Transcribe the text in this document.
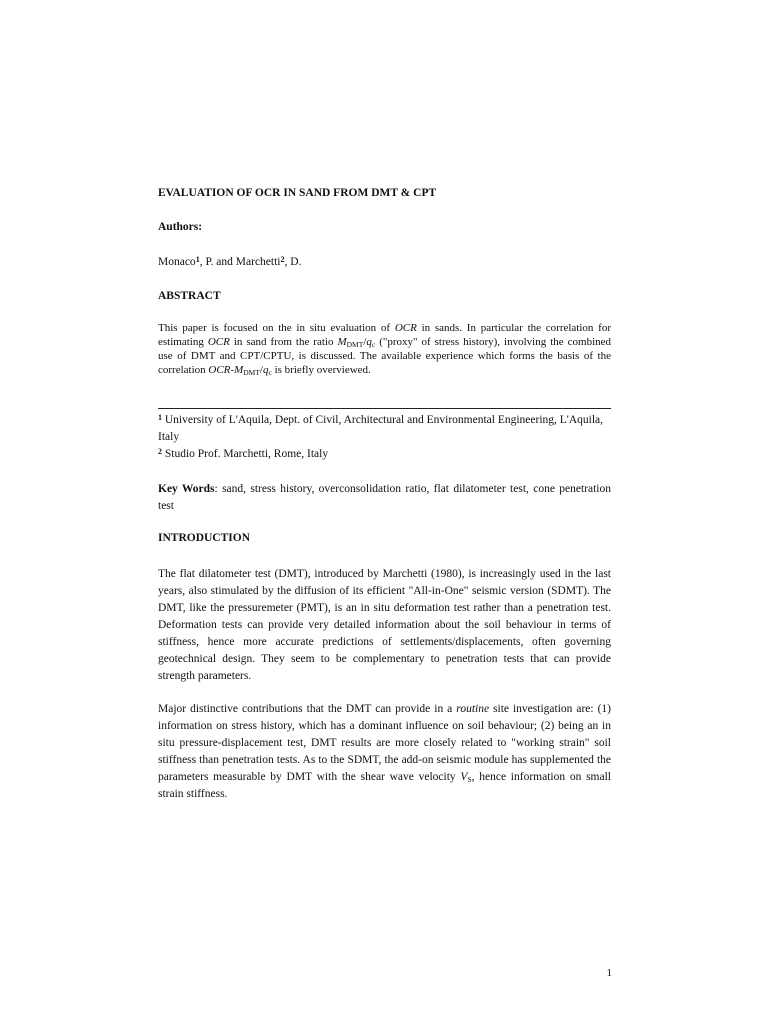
EVALUATION OF OCR IN SAND FROM DMT & CPT

Authors:

Monaco$^1$, P. and Marchetti$^2$, D.

ABSTRACT

This paper is focused on the in situ evaluation of OCR in sands. In particular the correlation for estimating OCR in sand from the ratio $M_{DMT}/q_c$ ("proxy" of stress history), involving the combined use of DMT and CPT/CPTU, is discussed. The available experience which forms the basis of the correlation OCR-$M_{DMT}/q_c$ is briefly overviewed.

$^1$ University of L'Aquila, Dept. of Civil, Architectural and Environmental Engineering, L'Aquila, Italy

$^2$ Studio Prof. Marchetti, Rome, Italy

Key Words: sand, stress history, overconsolidation ratio, flat dilatometer test, cone penetration test

INTRODUCTION

The flat dilatometer test (DMT), introduced by Marchetti (1980), is increasingly used in the last years, also stimulated by the diffusion of its efficient "All-in-One" seismic version (SDMT). The DMT, like the pressuremeter (PMT), is an in situ deformation test rather than a penetration test. Deformation tests can provide very detailed information about the soil behaviour in terms of stiffness, hence more accurate predictions of settlements/displacements, often governing geotechnical design. They seem to be complementary to penetration tests that can provide strength parameters.

Major distinctive contributions that the DMT can provide in a routine site investigation are: (1) information on stress history, which has a dominant influence on soil behaviour; (2) being an in situ pressure-displacement test, DMT results are more closely related to "working strain" soil stiffness than penetration tests. As to the SDMT, the add-on seismic module has supplemented the parameters measurable by DMT with the shear wave velocity $V_S$, hence information on small strain stiffness.

1
